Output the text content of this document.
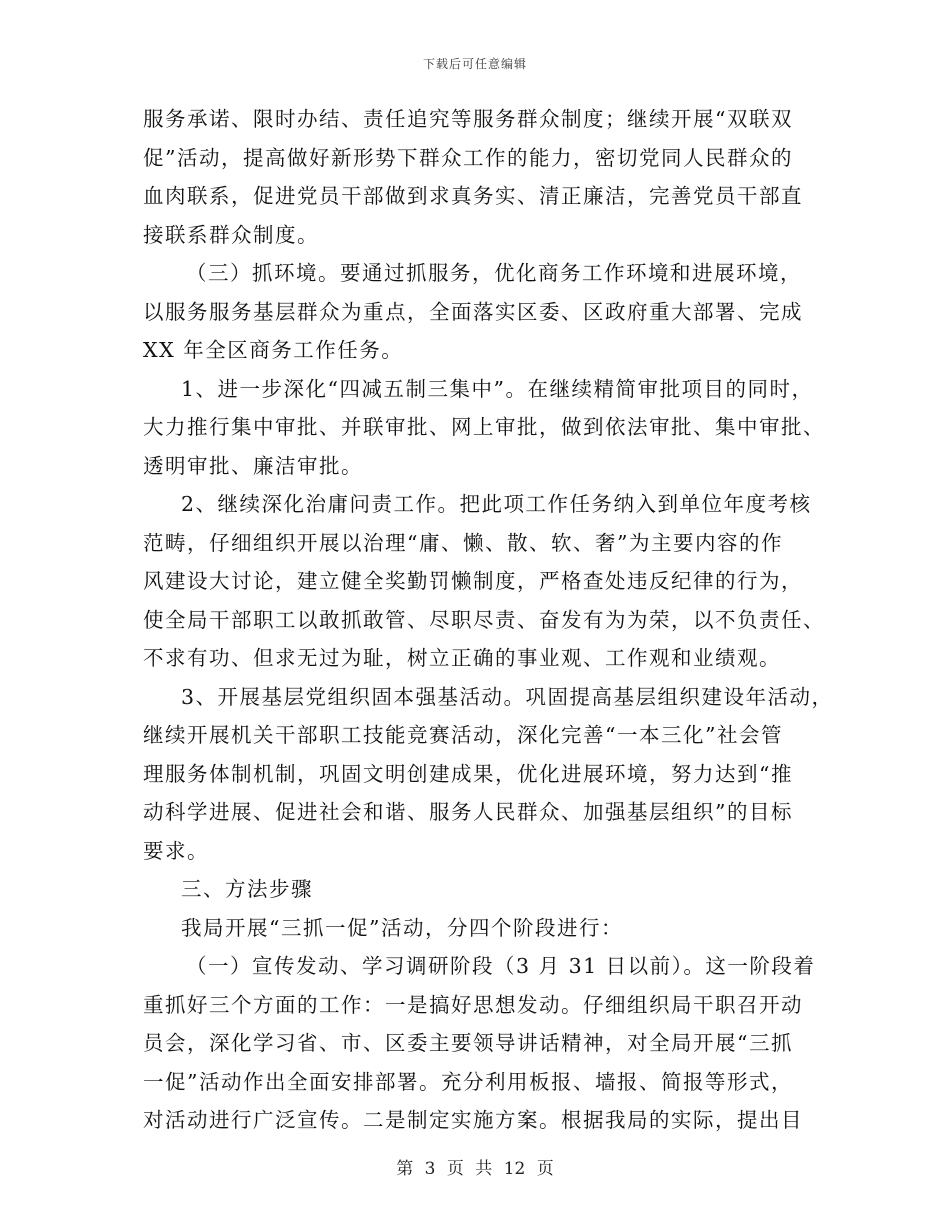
下载后可任意编辑
服务承诺、限时办结、责任追究等服务群众制度；继续开展“双联双
促”活动，提高做好新形势下群众工作的能力，密切党同人民群众的
血肉联系，促进党员干部做到求真务实、清正廉洁，完善党员干部直
接联系群众制度。
（三）抓环境。要通过抓服务，优化商务工作环境和进展环境，
以服务服务基层群众为重点，全面落实区委、区政府重大部署、完成
XX 年全区商务工作任务。
1、进一步深化“四减五制三集中”。在继续精简审批项目的同时，
大力推行集中审批、并联审批、网上审批，做到依法审批、集中审批、
透明审批、廉洁审批。
2、继续深化治庸问责工作。把此项工作任务纳入到单位年度考核
范畴，仔细组织开展以治理“庸、懒、散、软、奢”为主要内容的作
风建设大讨论，建立健全奖勤罚懒制度，严格查处违反纪律的行为，
使全局干部职工以敢抓敢管、尽职尽责、奋发有为为荣，以不负责任、
不求有功、但求无过为耻，树立正确的事业观、工作观和业绩观。
3、开展基层党组织固本强基活动。巩固提高基层组织建设年活动，
继续开展机关干部职工技能竞赛活动，深化完善“一本三化”社会管
理服务体制机制，巩固文明创建成果，优化进展环境，努力达到“推
动科学进展、促进社会和谐、服务人民群众、加强基层组织”的目标
要求。
三、方法步骤
我局开展“三抓一促”活动，分四个阶段进行：
（一）宣传发动、学习调研阶段（3 月 31 日以前）。这一阶段着
重抓好三个方面的工作：一是搞好思想发动。仔细组织局干职召开动
员会，深化学习省、市、区委主要领导讲话精神，对全局开展“三抓
一促”活动作出全面安排部署。充分利用板报、墙报、简报等形式，
对活动进行广泛宣传。二是制定实施方案。根据我局的实际，提出目
第 3 页 共 12 页
